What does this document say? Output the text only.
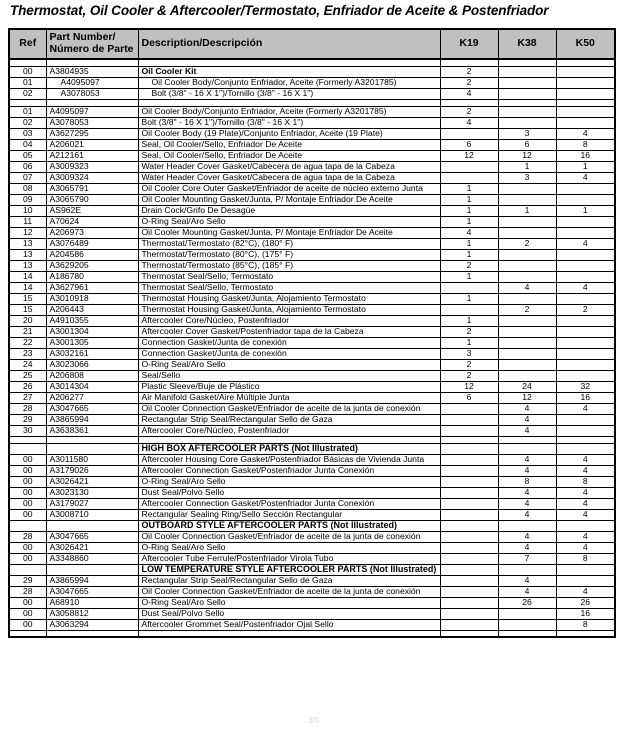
Thermostat, Oil Cooler & Aftercooler/Termostato, Enfriador de Aceite & Postenfriador
Ref	Part Number/
Número de Parte	Description/Descripción	K19	K38	K50

00	A3804935	Oil Cooler Kit	2		
01	A4095097	Oil Cooler Body/Conjunto Enfriador, Aceite (Formerly A3201785)	2		
02	A3078053	Bolt (3/8" - 16 X 1")/Tornillo (3/8" - 16 X 1")	4		

01	A4095097	Oil Cooler Body/Conjunto Enfriador, Aceite (Formerly A3201785)	2		
02	A3078053	Bolt (3/8" - 16 X 1")/Tornillo (3/8" - 16 X 1")	4		
03	A3627295	Oil Cooler Body (19 Plate)/Conjunto Enfriador, Aceite (19 Plate)		3	4
04	A206021	Seal, Oil Cooler/Sello, Enfriador De Aceite	6	6	8
05	A212161	Seal, Oil Cooler/Sello, Enfriador De Aceite	12	12	16
06	A3009323	Water Header Cover Gasket/Cabecera de agua tapa de la Cabeza		1	1
07	A3009324	Water Header Cover Gasket/Cabecera de agua tapa de la Cabeza		3	4
08	A3065791	Oil Cooler Core Outer Gasket/Enfriador de aceite de núcleo externo Junta	1		
09	A3065790	Oil Cooler Mounting Gasket/Junta, P/ Montaje Enfriador De Aceite	1		
10	AS962E	Drain Cock/Grifo De Desagüe	1	1	1
11	A70624	O-Ring Seal/Aro Sello	1		
12	A206973	Oil Cooler Mounting Gasket/Junta, P/ Montaje Enfriador De Aceite	4		
13	A3076489	Thermostat/Termostato (82°C), (180° F)	1	2	4
13	A204586	Thermostat/Termostato (80°C), (175° F)	1		
13	A3629205	Thermostat/Termostato (85°C), (185° F)	2		
14	A186780	Thermostat Seal/Sello, Termostato	1		
14	A3627961	Thermostat Seal/Sello, Termostato		4	4
15	A3010918	Thermostat Housing Gasket/Junta, Alojamiento Termostato	1		
15	A206443	Thermostat Housing Gasket/Junta, Alojamiento Termostato		2	2
20	A4910355	Aftercooler Core/Núcleo, Postenfriador	1		
21	A3001304	Aftercooler Cover Gasket/Postenfriador tapa de la Cabeza	2		
22	A3001305	Connection Gasket/Junta de conexión	1		
23	A3032161	Connection Gasket/Junta de conexión	3		
24	A3023066	O-Ring Seal/Aro Sello	2		
25	A206808	Seal/Sello	2		
26	A3014304	Plastic Sleeve/Buje de Plástico	12	24	32
27	A206277	Air Manifold Gasket/Aire Múltiple Junta	6	12	16
28	A3047665	Oil Cooler Connection Gasket/Enfriador de aceite de la junta de conexión		4	4
29	A3865994	Rectangular Strip Seal/Rectangular Sello de Gaza		4	
30	A3638361	Aftercooler Core/Núcleo, Postenfriador		4	

		HIGH BOX AFTERCOOLER PARTS (Not Illustrated)			
00	A3011580	Aftercooler Housing Core Gasket/Postenfriador Básicas de Vivienda Junta		4	4
00	A3179026	Aftercooler Connection Gasket/Postenfriador Junta Conexión		4	4
00	A3026421	O-Ring Seal/Aro Sello		8	8
00	A3023130	Dust Seal/Polvo Sello		4	4
00	A3179027	Aftercooler Connection Gasket/Postenfriador Junta Conexión		4	4
00	A3008710	Rectangular Sealing Ring/Sello Sección Rectangular		4	4
		OUTBOARD STYLE AFTERCOOLER PARTS (Not Illustrated)			
28	A3047665	Oil Cooler Connection Gasket/Enfriador de aceite de la junta de conexión		4	4
00	A3026421	O-Ring Seal/Aro Sello		4	4
00	A3348860	Aftercooler Tube Ferrule/Postenfriador Virola Tubo		7	8
		LOW TEMPERATURE STYLE AFTERCOOLER PARTS (Not Illustrated)			
29	A3865994	Rectangular Strip Seal/Rectangular Sello de Gaza		4	
28	A3047665	Oil Cooler Connection Gasket/Enfriador de aceite de la junta de conexión		4	4
00	A68910	O-Ring Seal/Aro Sello		26	26
00	A3058812	Dust Seal/Polvo Sello			16
00	A3063294	Aftercooler Grommet Seal/Postenfriador Ojal Sello			8

3/5
